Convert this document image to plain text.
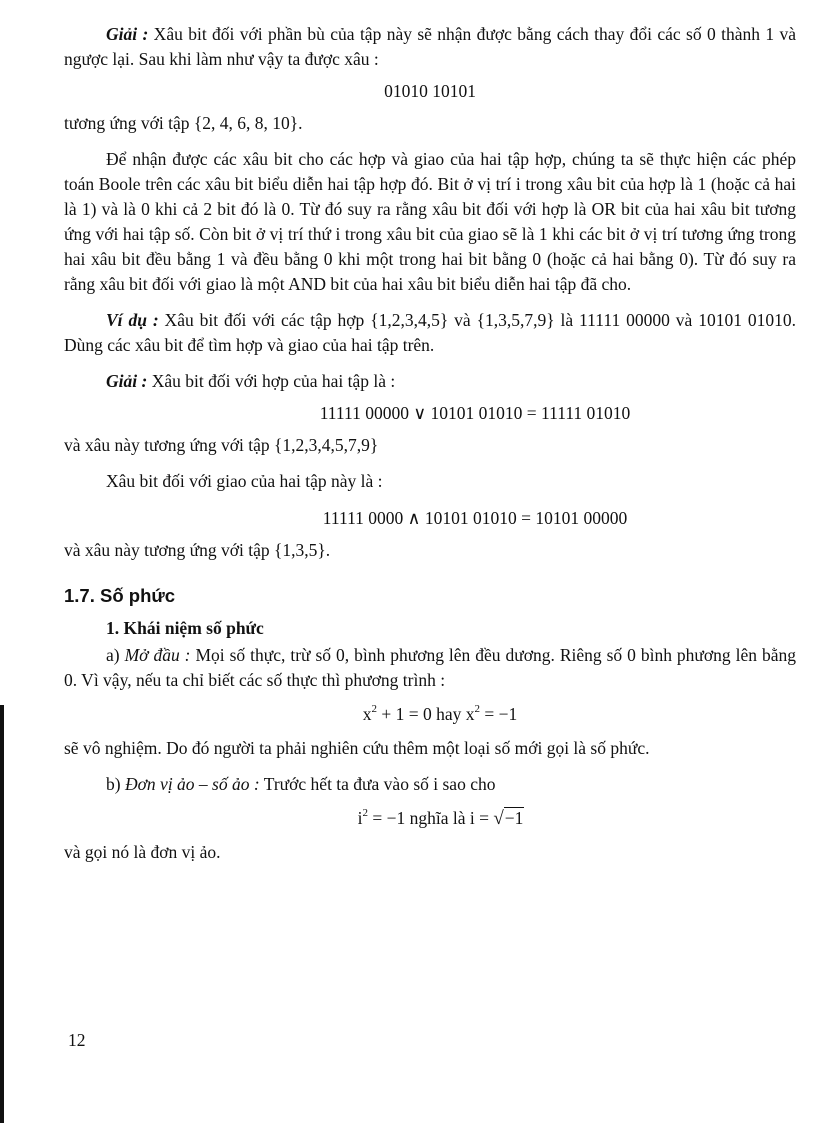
Giải : Xâu bit đối với phần bù của tập này sẽ nhận được bằng cách thay đổi các số 0 thành 1 và ngược lại. Sau khi làm như vậy ta được xâu :

01010 10101

tương ứng với tập {2, 4, 6, 8, 10}.

Để nhận được các xâu bit cho các hợp và giao của hai tập hợp, chúng ta sẽ thực hiện các phép toán Boole trên các xâu bit biểu diễn hai tập hợp đó. Bit ở vị trí i trong xâu bit của hợp là 1 (hoặc cả hai là 1) và là 0 khi cả 2 bit đó là 0. Từ đó suy ra rằng xâu bit đối với hợp là OR bit của hai xâu bit tương ứng với hai tập số. Còn bit ở vị trí thứ i trong xâu bit của giao sẽ là 1 khi các bit ở vị trí tương ứng trong hai xâu bit đều bằng 1 và đều bằng 0 khi một trong hai bit bằng 0 (hoặc cả hai bằng 0). Từ đó suy ra rằng xâu bit đối với giao là một AND bit của hai xâu bit biểu diễn hai tập đã cho.

Ví dụ : Xâu bit đối với các tập hợp {1,2,3,4,5} và {1,3,5,7,9} là 11111 00000 và 10101 01010. Dùng các xâu bit để tìm hợp và giao của hai tập trên.

Giải : Xâu bit đối với hợp của hai tập là :

11111 00000 ∨ 10101 01010 = 11111 01010

và xâu này tương ứng với tập {1,2,3,4,5,7,9}

Xâu bit đối với giao của hai tập này là :

11111 0000 ∧ 10101 01010 = 10101 00000

và xâu này tương ứng với tập {1,3,5}.

1.7. Số phức
1. Khái niệm số phức

a) Mở đầu : Mọi số thực, trừ số 0, bình phương lên đều dương. Riêng số 0 bình phương lên bằng 0. Vì vậy, nếu ta chỉ biết các số thực thì phương trình :

$x^2 + 1 = 0$ hay $x^2 = -1$

sẽ vô nghiệm. Do đó người ta phải nghiên cứu thêm một loại số mới gọi là số phức.

b) Đơn vị ảo – số ảo : Trước hết ta đưa vào số i sao cho

$i^2 = -1$ nghĩa là i = √−1

và gọi nó là đơn vị ảo.

12
